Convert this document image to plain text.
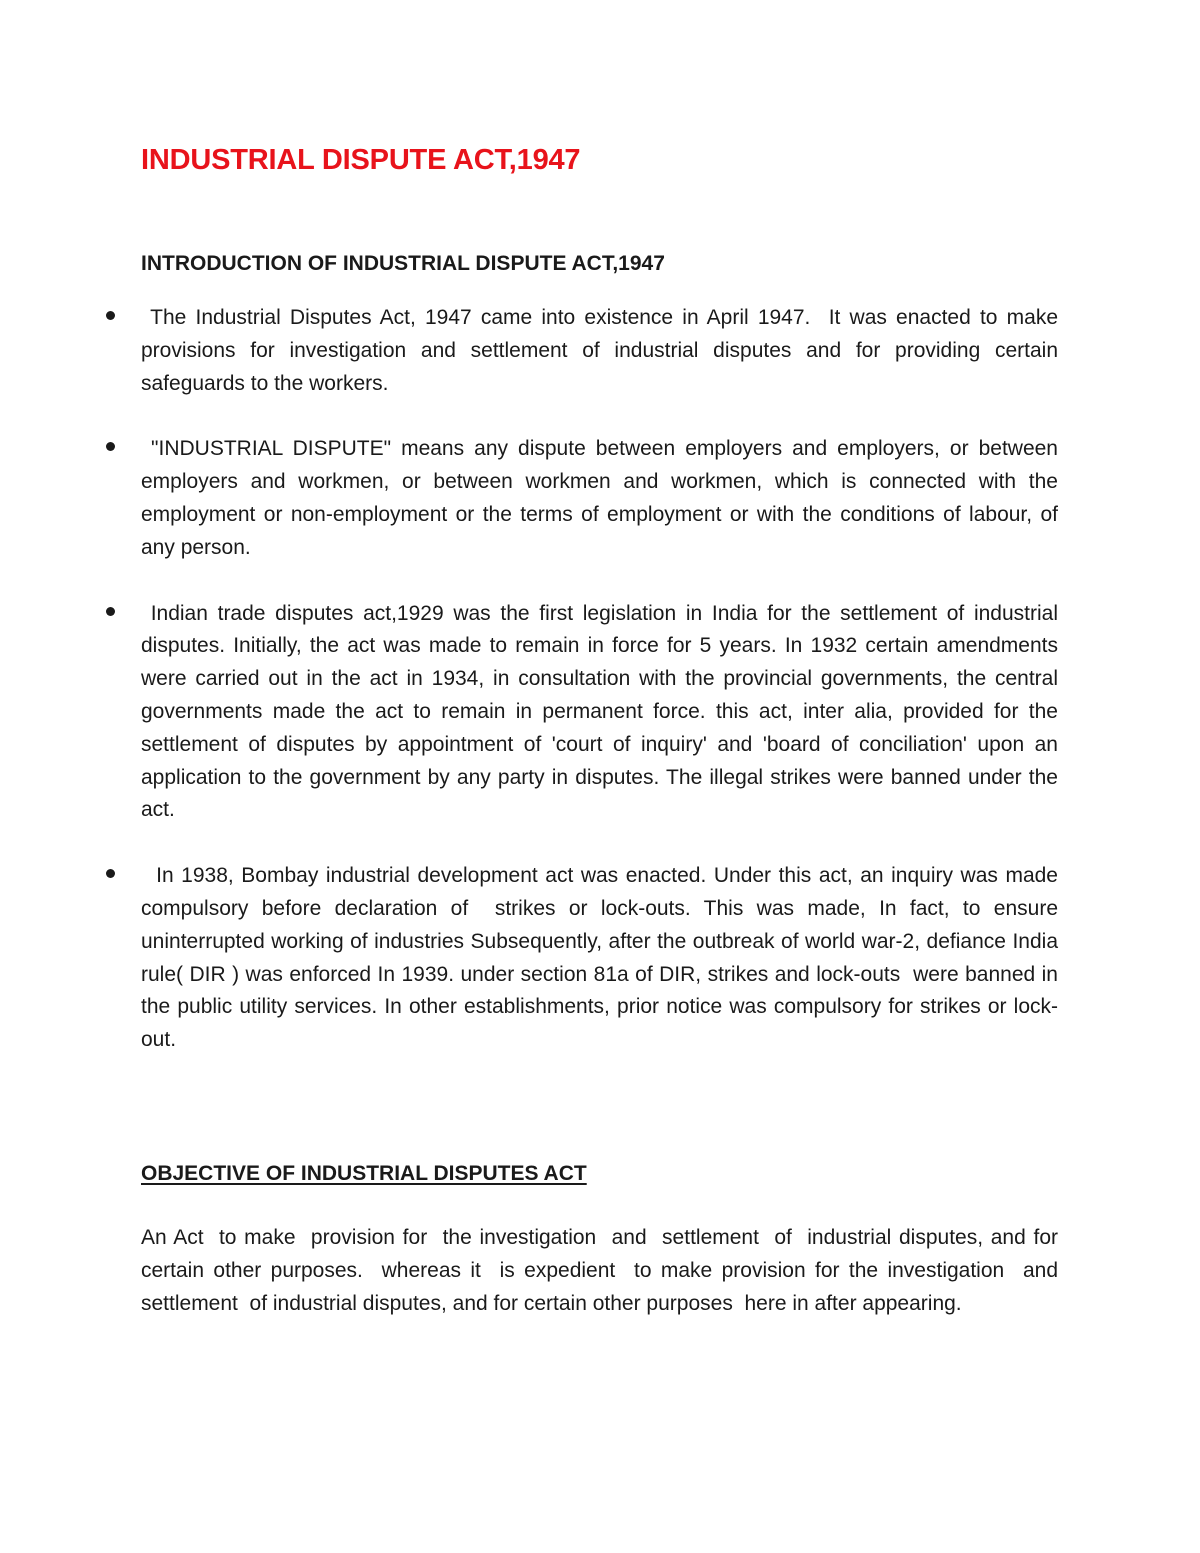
INDUSTRIAL DISPUTE ACT,1947
INTRODUCTION OF INDUSTRIAL DISPUTE ACT,1947

The Industrial Disputes Act, 1947 came into existence in April 1947.  It was enacted to make provisions for investigation and settlement of industrial disputes and for providing certain safeguards to the workers.

"INDUSTRIAL DISPUTE" means any dispute between employers and employers, or between employers and workmen, or between workmen and workmen, which is connected with the employment or non-employment or the terms of employment or with the conditions of labour, of any person.

Indian trade disputes act,1929 was the first legislation in India for the settlement of industrial disputes. Initially, the act was made to remain in force for 5 years. In 1932 certain amendments  were carried out in the act in 1934, in consultation with the provincial governments, the central governments made the act to remain in permanent force. this act, inter alia, provided for the settlement of disputes by appointment of 'court of inquiry' and 'board of conciliation' upon an application to the government by any party in disputes. The illegal strikes were banned under the act.

In 1938, Bombay industrial development act was enacted. Under this act, an inquiry was made compulsory before declaration of  strikes or lock-outs. This was made, In fact, to ensure uninterrupted working of industries Subsequently, after the outbreak of world war-2, defiance India rule( DIR ) was enforced In 1939. under section 81a of DIR, strikes and lock-outs  were banned in the public utility services. In other establishments, prior notice was compulsory for strikes or lock-out.

OBJECTIVE OF INDUSTRIAL DISPUTES ACT

An Act  to make  provision for  the investigation  and  settlement  of  industrial disputes, and for certain other purposes.  whereas it  is expedient  to make provision for the investigation  and settlement  of industrial disputes, and for certain other purposes  here in after appearing.
